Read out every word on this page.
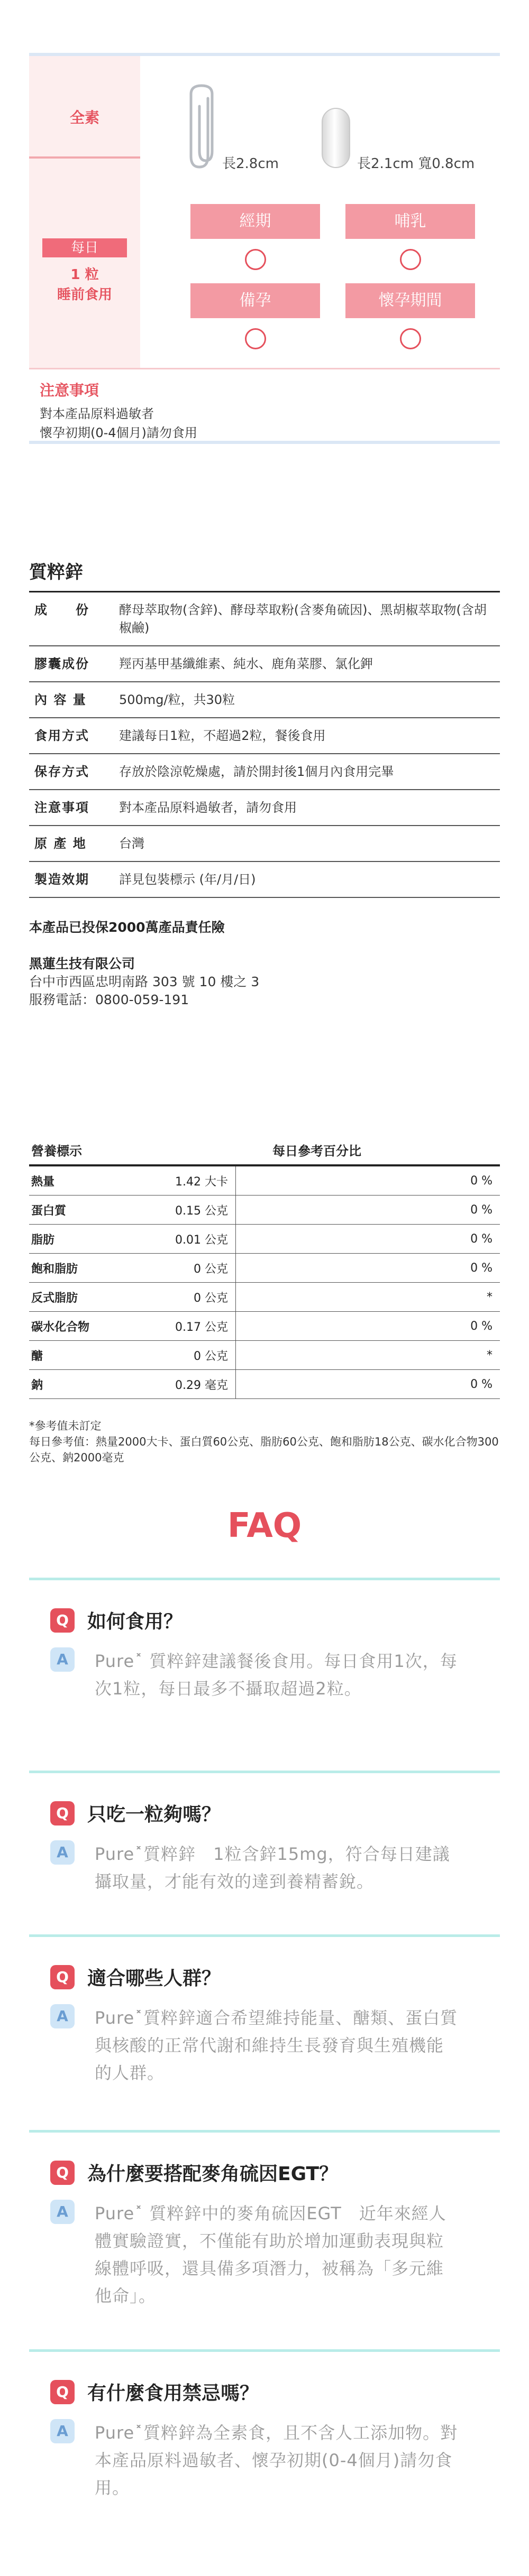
全素
每日
1 粒
睡前食用
長2.8cm	長2.1cm 寬0.8cm
經期	哺乳
備孕	懷孕期間
注意事項
對本產品原料過敏者
懷孕初期(0-4個月)請勿食用
質粹鋅
成　　份	酵母萃取物(含鋅)、酵母萃取粉(含麥角硫因)、黑胡椒萃取物(含胡椒鹼)
膠囊成份	羥丙基甲基纖維素、純水、鹿角菜膠、氯化鉀
內 容 量	500mg/粒，共30粒
食用方式	建議每日1粒，不超過2粒，餐後食用
保存方式	存放於陰涼乾燥處，請於開封後1個月內食用完畢
注意事項	對本產品原料過敏者，請勿食用
原 產 地	台灣
製造效期	詳見包裝標示 (年/月/日)
本產品已投保2000萬產品責任險
黑蓮生技有限公司
台中市西區忠明南路 303 號 10 樓之 3
服務電話：0800-059-191
營養標示	每日參考百分比
熱量	1.42 大卡	0 %
蛋白質	0.15 公克	0 %
脂肪	0.01 公克	0 %
飽和脂肪	0 公克	0 %
反式脂肪	0 公克	*
碳水化合物	0.17 公克	0 %
醣	0 公克	*
鈉	0.29 毫克	0 %
*參考值未訂定
每日參考值：熱量2000大卡、蛋白質60公克、脂肪60公克、飽和脂肪18公克、碳水化合物300公克、鈉2000毫克
FAQ
Q 如何食用？
A	Pure˟ 質粹鋅建議餐後食用。每日食用1次，每次1粒，每日最多不攝取超過2粒。
Q 只吃一粒夠嗎？
A	Pure˟質粹鋅　1粒含鋅15mg，符合每日建議攝取量，才能有效的達到養精蓄銳。
Q 適合哪些人群？
A	Pure˟質粹鋅適合希望維持能量、醣類、蛋白質與核酸的正常代謝和維持生長發育與生殖機能的人群。
Q 為什麼要搭配麥角硫因EGT？
A	Pure˟ 質粹鋅中的麥角硫因EGT　近年來經人體實驗證實，不僅能有助於增加運動表現與粒線體呼吸，還具備多項潛力，被稱為「多元維他命」。
Q 有什麼食用禁忌嗎？
A	Pure˟質粹鋅為全素食，且不含人工添加物。對本產品原料過敏者、懷孕初期(0-4個月)請勿食用。
